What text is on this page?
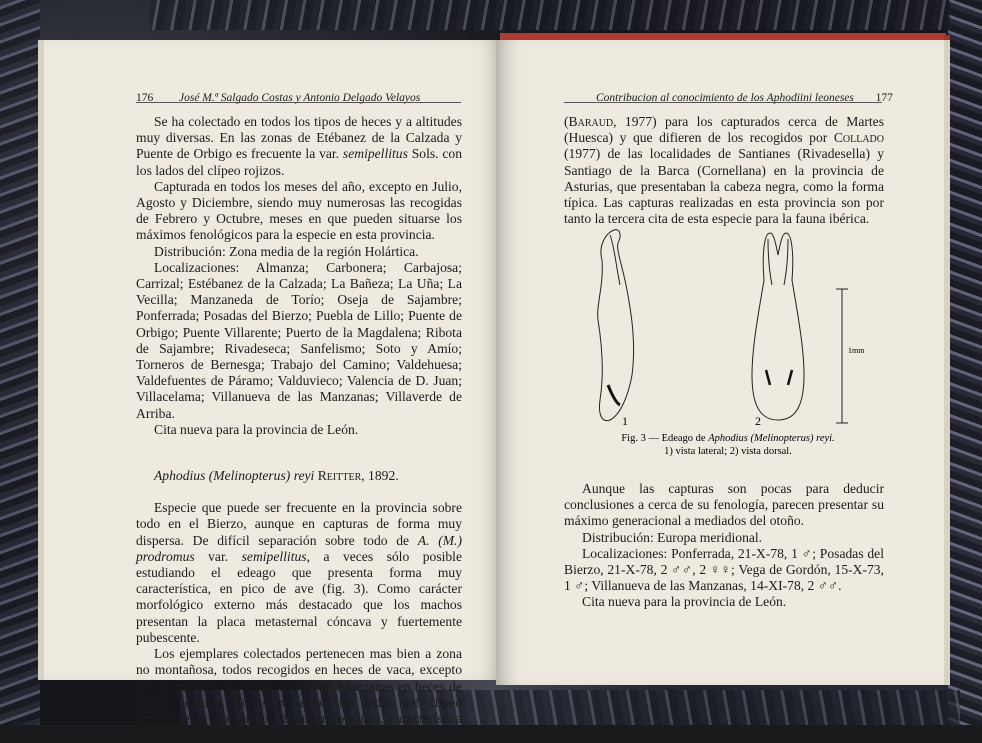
176 José M.ª Salgado Costas y Antonio Delgado Velayos

Se ha colectado en todos los tipos de heces y a altitudes muy diversas. En las zonas de Etébanez de la Calzada y Puente de Orbigo es frecuente la var. semipellitus Sols. con los lados del clípeo rojizos.

Capturada en todos los meses del año, excepto en Julio, Agosto y Diciembre, siendo muy numerosas las recogidas de Febrero y Octubre, meses en que pueden situarse los máximos fenológicos para la especie en esta provincia.

Distribución: Zona media de la región Holártica.

Localizaciones: Almanza; Carbonera; Carbajosa; Carrizal; Estébanez de la Calzada; La Bañeza; La Uña; La Vecilla; Manzaneda de Torío; Oseja de Sajambre; Ponferrada; Posadas del Bierzo; Puebla de Lillo; Puente de Orbigo; Puente Villarente; Puerto de la Magdalena; Ribota de Sajambre; Rivadeseca; Sanfelismo; Soto y Amío; Torneros de Bernesga; Trabajo del Camino; Valdehuesa; Valdefuentes de Páramo; Valduvieco; Valencia de D. Juan; Villacelama; Villanueva de las Manzanas; Villaverde de Arriba.

Cita nueva para la provincia de León.

Aphodius (Melinopterus) reyi Reitter, 1892.

Especie que puede ser frecuente en la provincia sobre todo en el Bierzo, aunque en capturas de forma muy dispersa. De difícil separación sobre todo de A. (M.) prodromus var. semipellitus, a veces sólo posible estudiando el edeago que presenta forma muy característica, en pico de ave (fig. 3). Como carácter morfológico externo más destacado que los machos presentan la placa metasternal cóncava y fuertemente pubescente.

Los ejemplares colectados pertenecen mas bien a zona no montañosa, todos recogidos en heces de vaca, excepto dos ejemplares de Villanueva de las Manzanas en heces de ganado equino. Todos presentan los lados del clípeo ampliamente manchados de amarillo-rojizo, característica ya señalada por Pierotti

Contribucion al conocimiento de los Aphodiini leoneses 177

(Baraud, 1977) para los capturados cerca de Martes (Huesca) y que difieren de los recogidos por Collado (1977) de las localidades de Santianes (Rivadesella) y Santiago de la Barca (Cornellana) en la provincia de Asturias, que presentaban la cabeza negra, como la forma típica. Las capturas realizadas en esta provincia son por tanto la tercera cita de esta especie para la fauna ibérica.

Aunque las capturas son pocas para deducir conclusiones a cerca de su fenología, parecen presentar su máximo generacional a mediados del otoño.

Distribución: Europa meridional.

Localizaciones: Ponferrada, 21-X-78, 1 ♂; Posadas del Bierzo, 21-X-78, 2 ♂♂, 2 ♀♀; Vega de Gordón, 15-X-73, 1 ♂; Villanueva de las Manzanas, 14-XI-78, 2 ♂♂.

Cita nueva para la provincia de León.

1	2
1mm
Fig. 3 — Edeago de Aphodius (Melinopterus) reyi.
1) vista lateral; 2) vista dorsal.
